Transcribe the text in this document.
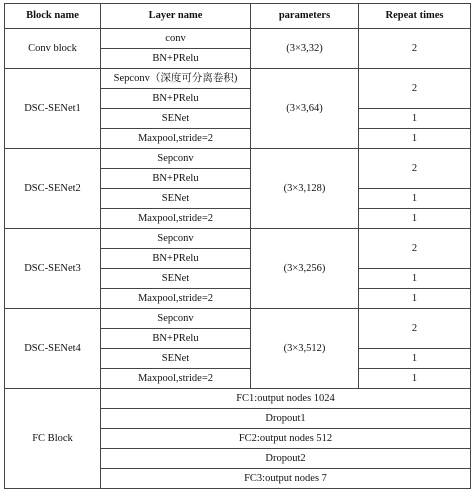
Block name	Layer name	parameters	Repeat times
Conv block	conv	(3×3,32)	2
	BN+PRelu		
DSC-SENet1	Sepconv（深度可分离卷积)	(3×3,64)	2
	BN+PRelu		
	SENet		1
	Maxpool,stride=2		1
DSC-SENet2	Sepconv	(3×3,128)	2
	BN+PRelu		
	SENet		1
	Maxpool,stride=2		1
DSC-SENet3	Sepconv	(3×3,256)	2
	BN+PRelu		
	SENet		1
	Maxpool,stride=2		1
DSC-SENet4	Sepconv	(3×3,512)	2
	BN+PRelu		
	SENet		1
	Maxpool,stride=2		1
FC Block	FC1:output nodes 1024		
	Dropout1		
	FC2:output nodes 512		
	Dropout2		
	FC3:output nodes 7		
